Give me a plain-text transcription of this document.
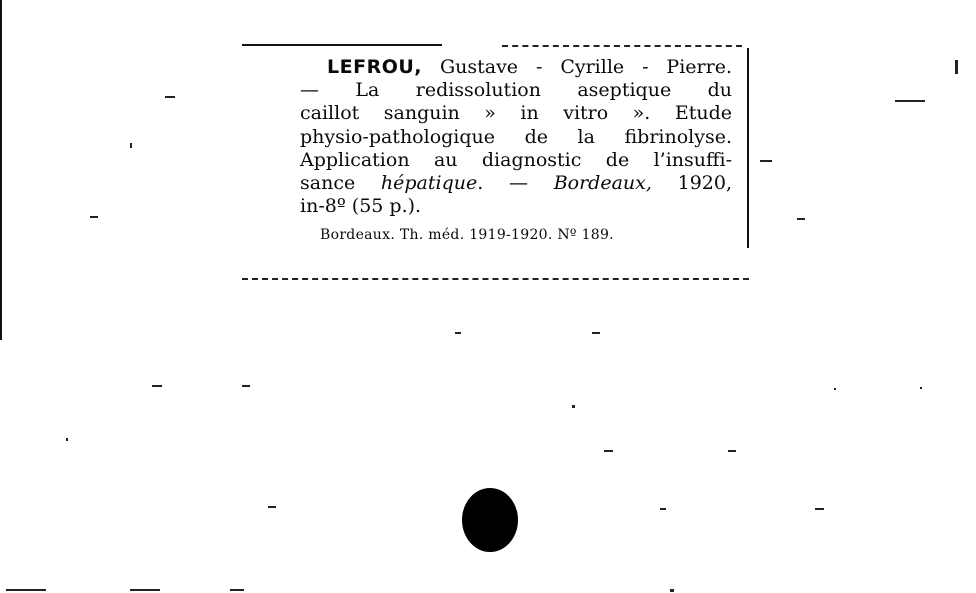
LEFROU, Gustave - Cyrille - Pierre.
— La redissolution aseptique du
caillot sanguin » in vitro ». Etude
physio-pathologique de la fibrinolyse.
Application au diagnostic de l’insuffi-
sance hépatique. — Bordeaux, 1920,
in-8º (55 p.).
Bordeaux. Th. méd. 1919-1920. Nº 189.
